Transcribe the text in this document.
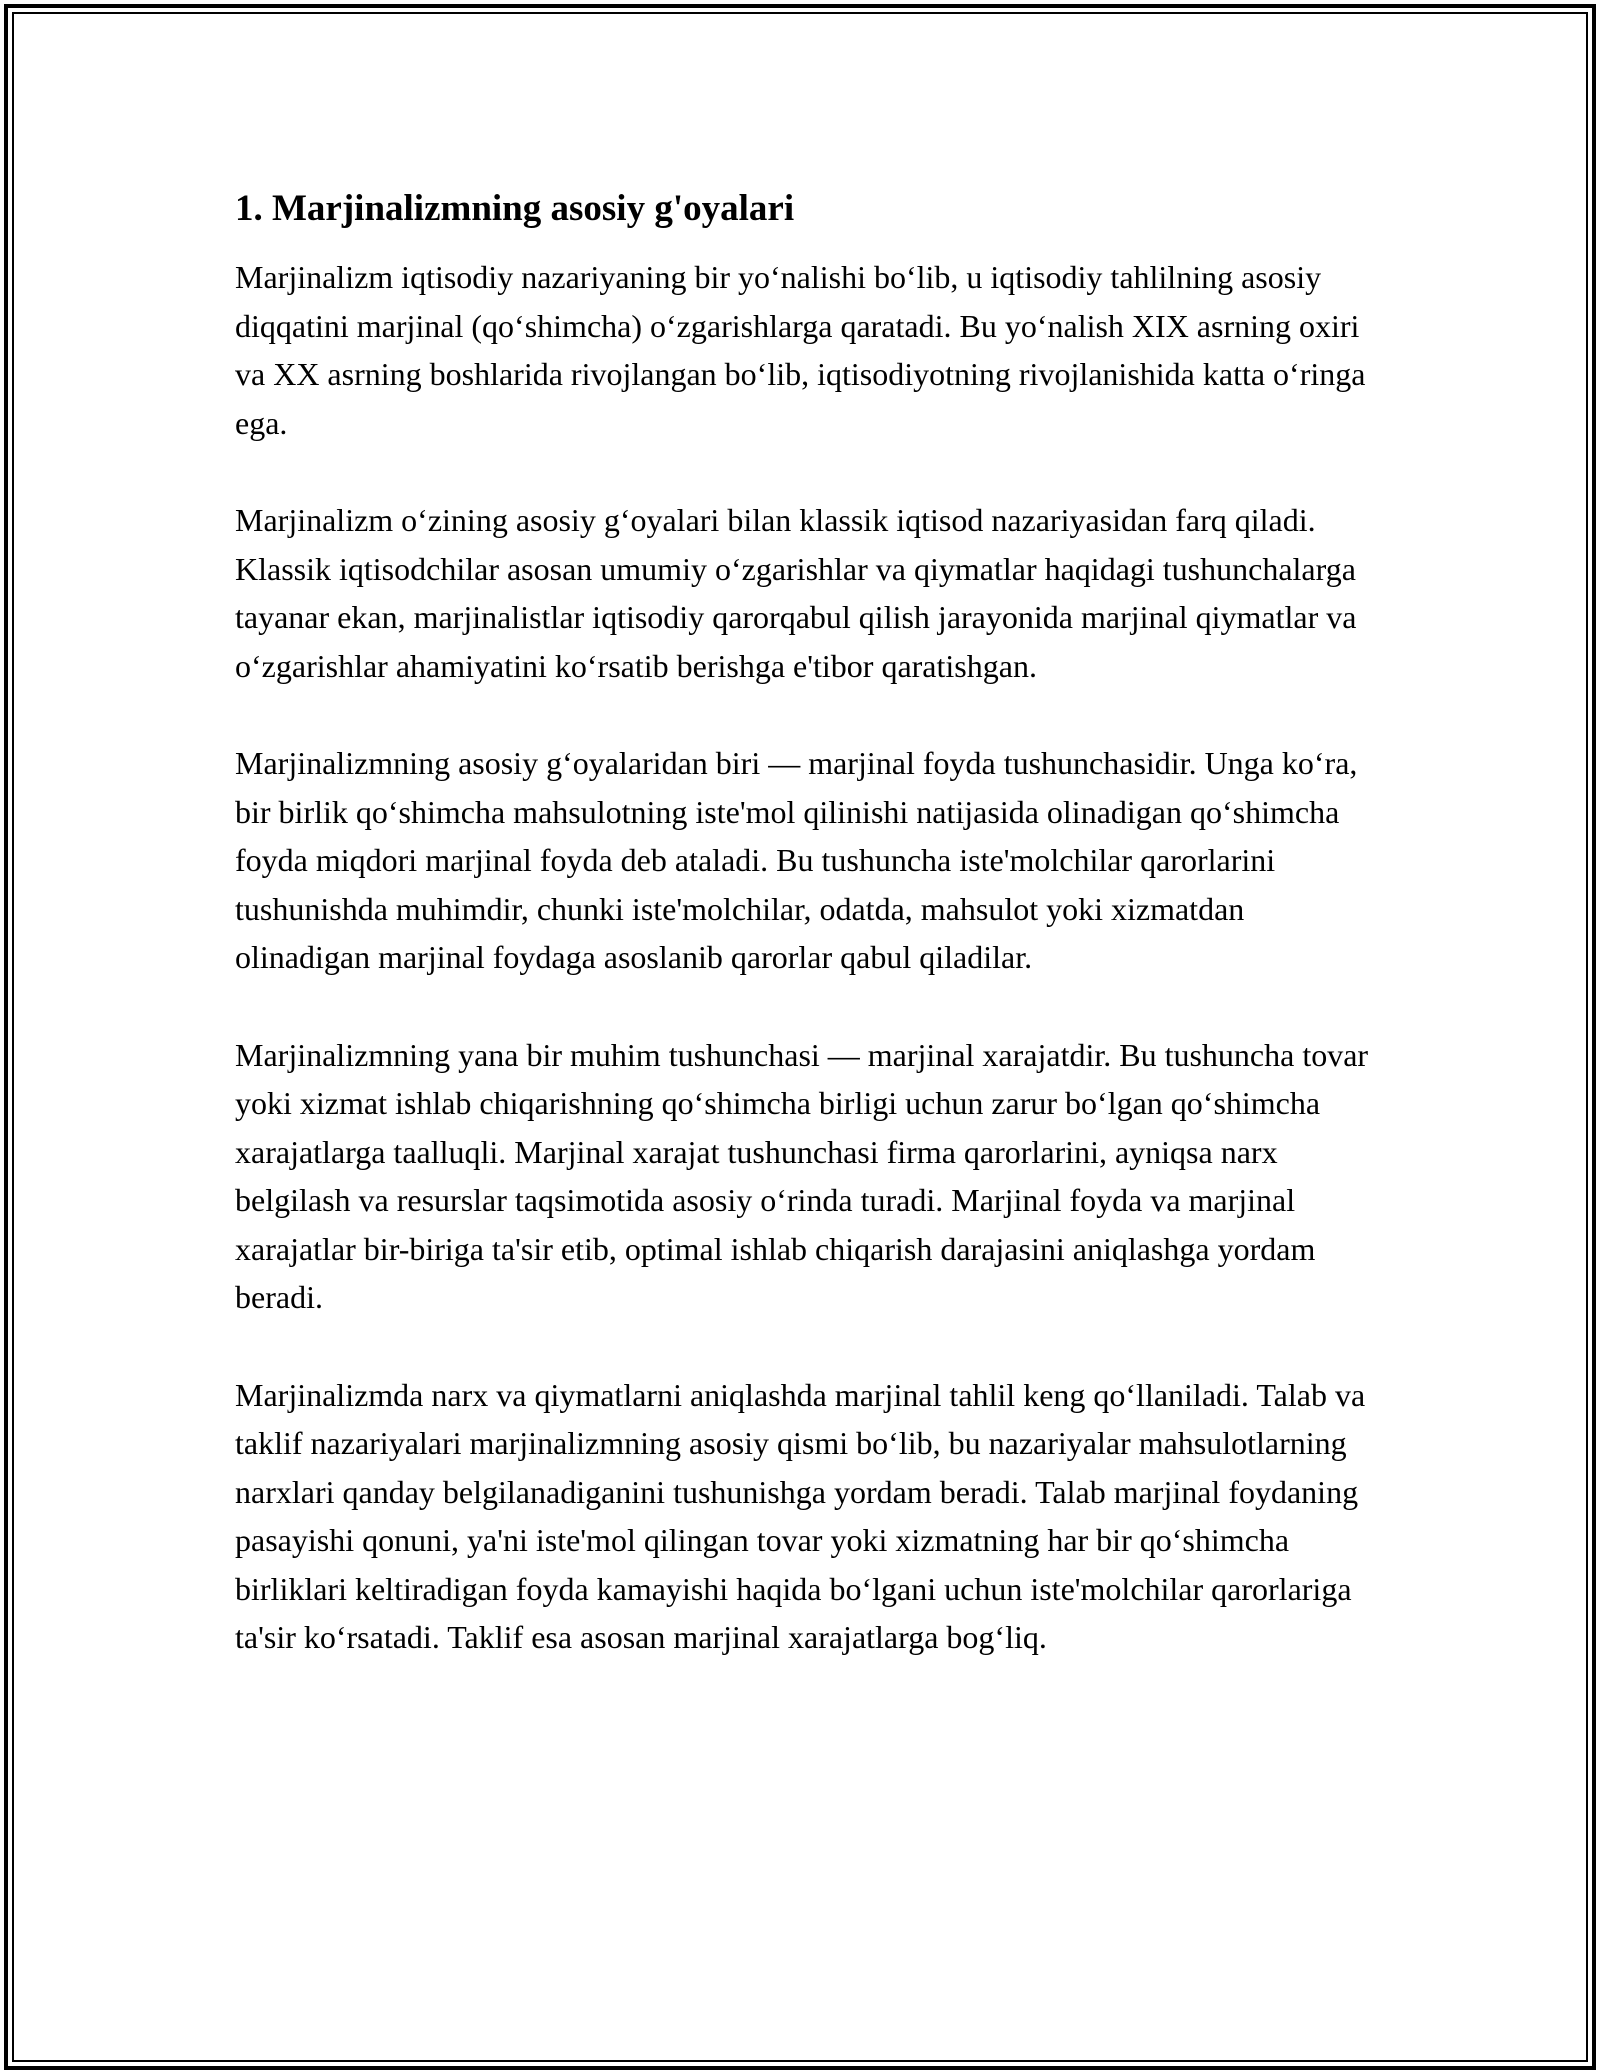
1. Marjinalizmning asosiy g'oyalari

Marjinalizm iqtisodiy nazariyaning bir yo‘nalishi bo‘lib, u iqtisodiy tahlilning asosiy diqqatini marjinal (qo‘shimcha) o‘zgarishlarga qaratadi. Bu yo‘nalish XIX asrning oxiri va XX asrning boshlarida rivojlangan bo‘lib, iqtisodiyotning rivojlanishida katta o‘ringa ega.

Marjinalizm o‘zining asosiy g‘oyalari bilan klassik iqtisod nazariyasidan farq qiladi. Klassik iqtisodchilar asosan umumiy o‘zgarishlar va qiymatlar haqidagi tushunchalarga tayanar ekan, marjinalistlar iqtisodiy qarorqabul qilish jarayonida marjinal qiymatlar va o‘zgarishlar ahamiyatini ko‘rsatib berishga e'tibor qaratishgan.

Marjinalizmning asosiy g‘oyalaridan biri — marjinal foyda tushunchasidir. Unga ko‘ra, bir birlik qo‘shimcha mahsulotning iste'mol qilinishi natijasida olinadigan qo‘shimcha foyda miqdori marjinal foyda deb ataladi. Bu tushuncha iste'molchilar qarorlarini tushunishda muhimdir, chunki iste'molchilar, odatda, mahsulot yoki xizmatdan olinadigan marjinal foydaga asoslanib qarorlar qabul qiladilar.

Marjinalizmning yana bir muhim tushunchasi — marjinal xarajatdir. Bu tushuncha tovar yoki xizmat ishlab chiqarishning qo‘shimcha birligi uchun zarur bo‘lgan qo‘shimcha xarajatlarga taalluqli. Marjinal xarajat tushunchasi firma qarorlarini, ayniqsa narx belgilash va resurslar taqsimotida asosiy o‘rinda turadi. Marjinal foyda va marjinal xarajatlar bir-biriga ta'sir etib, optimal ishlab chiqarish darajasini aniqlashga yordam beradi.

Marjinalizmda narx va qiymatlarni aniqlashda marjinal tahlil keng qo‘llaniladi. Talab va taklif nazariyalari marjinalizmning asosiy qismi bo‘lib, bu nazariyalar mahsulotlarning narxlari qanday belgilanadiganini tushunishga yordam beradi. Talab marjinal foydaning pasayishi qonuni, ya'ni iste'mol qilingan tovar yoki xizmatning har bir qo‘shimcha birliklari keltiradigan foyda kamayishi haqida bo‘lgani uchun iste'molchilar qarorlariga ta'sir ko‘rsatadi. Taklif esa asosan marjinal xarajatlarga bog‘liq.
